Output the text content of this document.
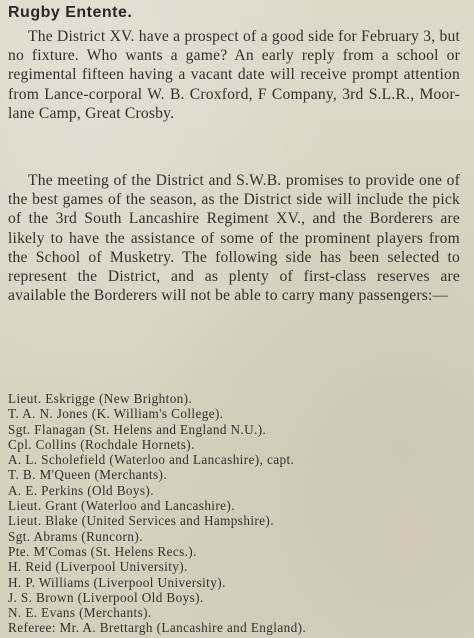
Rugby Entente.

The District XV. have a prospect of a good side for February 3, but no fixture. Who wants a game? An early reply from a school or regimental fifteen having a vacant date will receive prompt attention from Lance-corporal W. B. Croxford, F Company, 3rd S.L.R., Moor-lane Camp, Great Crosby.

The meeting of the District and S.W.B. promises to provide one of the best games of the season, as the District side will include the pick of the 3rd South Lancashire Regiment XV., and the Borderers are likely to have the assistance of some of the prominent players from the School of Musketry. The following side has been selected to represent the District, and as plenty of first-class reserves are available the Borderers will not be able to carry many passengers:—

Lieut. Eskrigge (New Brighton).
T. A. N. Jones (K. William's College).
Sgt. Flanagan (St. Helens and England N.U.).
Cpl. Collins (Rochdale Hornets).
A. L. Scholefield (Waterloo and Lancashire), capt.
T. B. M'Queen (Merchants).
A. E. Perkins (Old Boys).
Lieut. Grant (Waterloo and Lancashire).
Lieut. Blake (United Services and Hampshire).
Sgt. Abrams (Runcorn).
Pte. M'Comas (St. Helens Recs.).
H. Reid (Liverpool University).
H. P. Williams (Liverpool University).
J. S. Brown (Liverpool Old Boys).
N. E. Evans (Merchants).

Referee: Mr. A. Brettargh (Lancashire and England).
